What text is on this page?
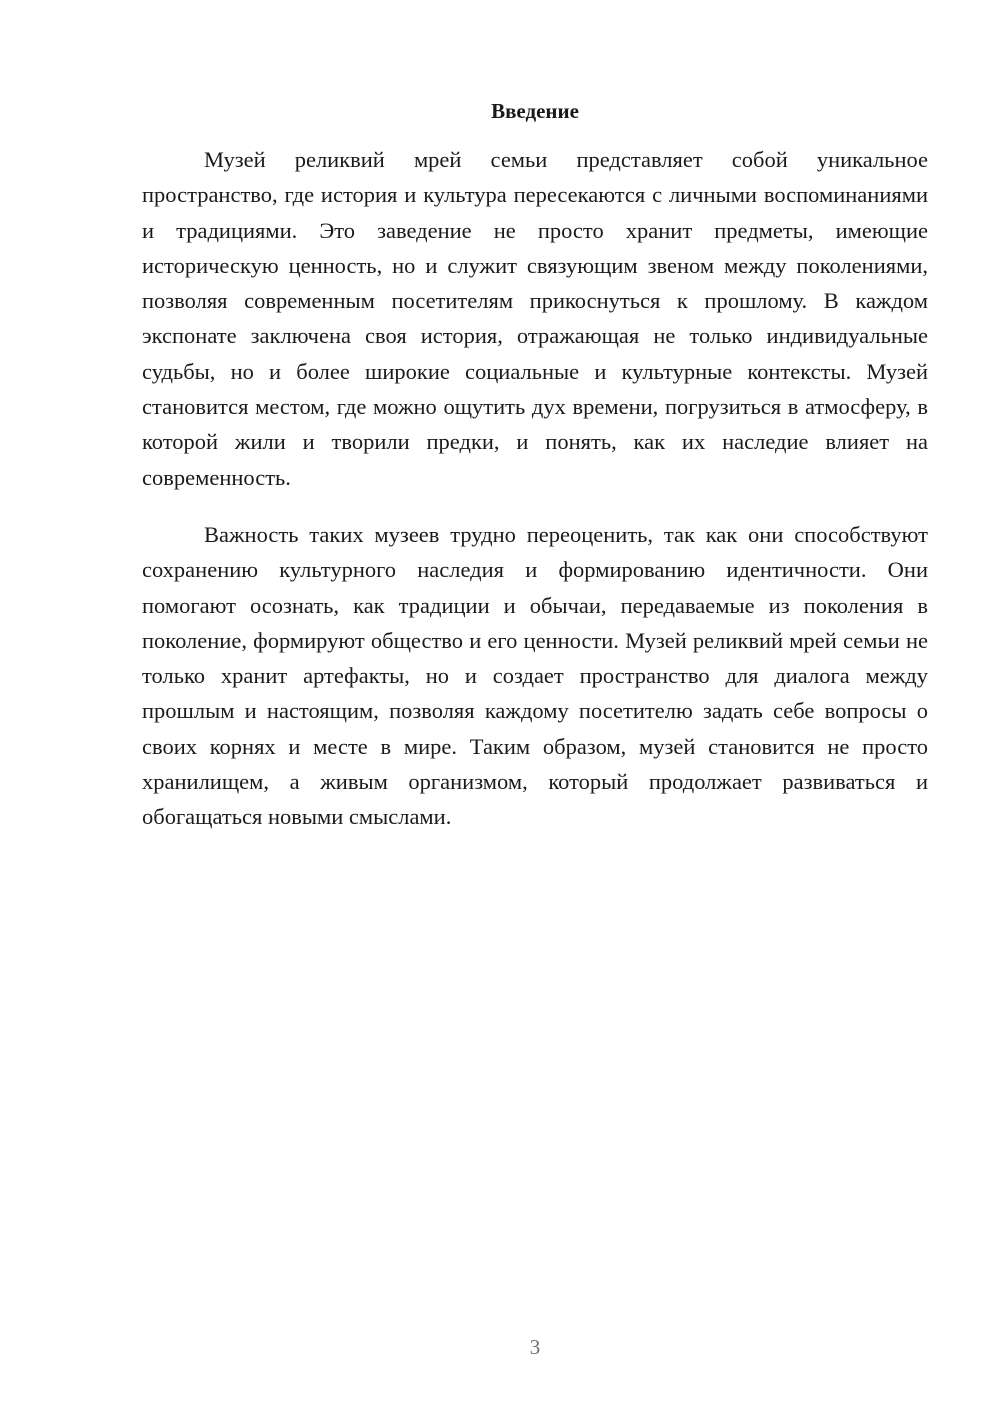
Введение

Музей реликвий мрей семьи представляет собой уникальное пространство, где история и культура пересекаются с личными воспоминаниями и традициями. Это заведение не просто хранит предметы, имеющие историческую ценность, но и служит связующим звеном между поколениями, позволяя современным посетителям прикоснуться к прошлому. В каждом экспонате заключена своя история, отражающая не только индивидуальные судьбы, но и более широкие социальные и культурные контексты. Музей становится местом, где можно ощутить дух времени, погрузиться в атмосферу, в которой жили и творили предки, и понять, как их наследие влияет на современность.

Важность таких музеев трудно переоценить, так как они способствуют сохранению культурного наследия и формированию идентичности. Они помогают осознать, как традиции и обычаи, передаваемые из поколения в поколение, формируют общество и его ценности. Музей реликвий мрей семьи не только хранит артефакты, но и создает пространство для диалога между прошлым и настоящим, позволяя каждому посетителю задать себе вопросы о своих корнях и месте в мире. Таким образом, музей становится не просто хранилищем, а живым организмом, который продолжает развиваться и обогащаться новыми смыслами.

3
